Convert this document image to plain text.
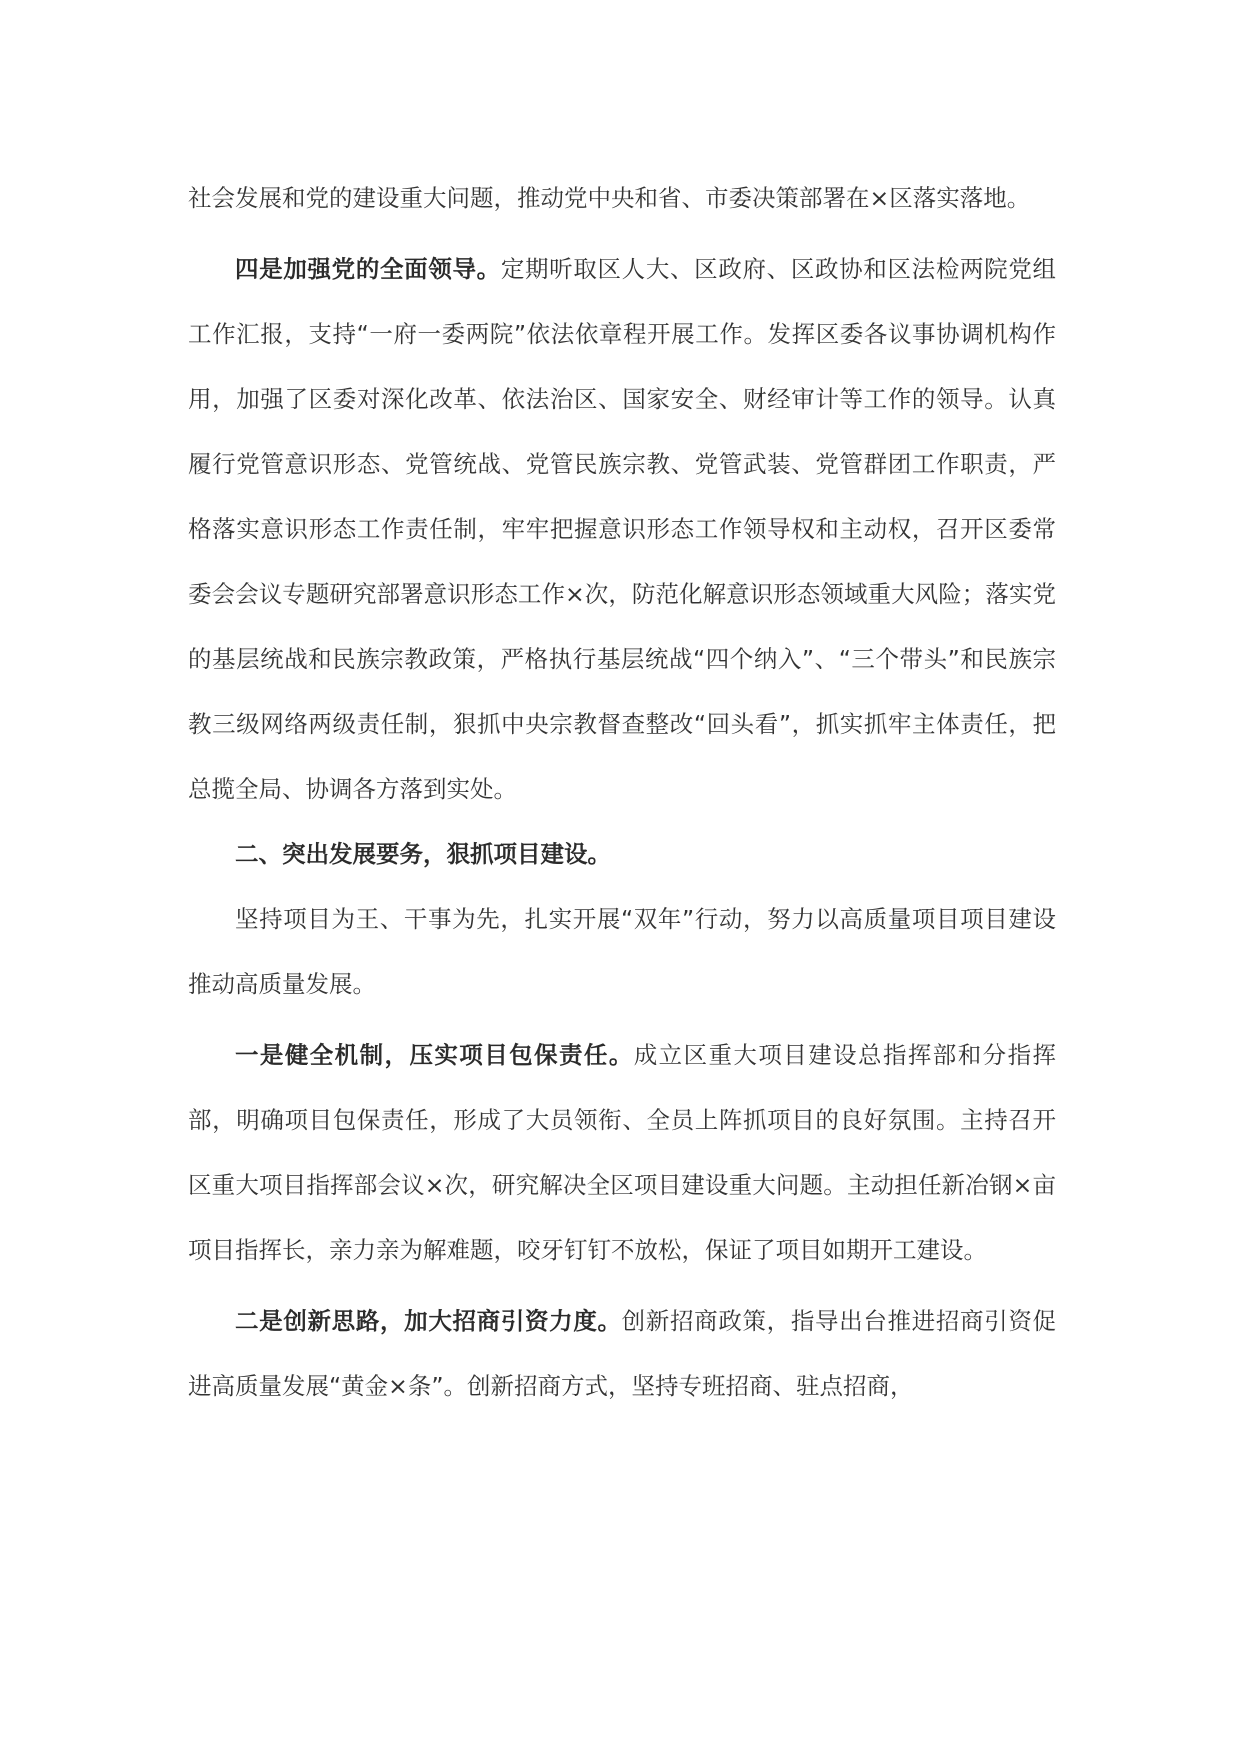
社会发展和党的建设重大问题，推动党中央和省、市委决策部署在×区落实落地。

四是加强党的全面领导。定期听取区人大、区政府、区政协和区法检两院党组工作汇报，支持“一府一委两院”依法依章程开展工作。发挥区委各议事协调机构作用，加强了区委对深化改革、依法治区、国家安全、财经审计等工作的领导。认真履行党管意识形态、党管统战、党管民族宗教、党管武装、党管群团工作职责，严格落实意识形态工作责任制，牢牢把握意识形态工作领导权和主动权，召开区委常委会会议专题研究部署意识形态工作×次，防范化解意识形态领域重大风险；落实党的基层统战和民族宗教政策，严格执行基层统战“四个纳入”、“三个带头”和民族宗教三级网络两级责任制，狠抓中央宗教督查整改“回头看”，抓实抓牢主体责任，把总揽全局、协调各方落到实处。

二、突出发展要务，狠抓项目建设。

坚持项目为王、干事为先，扎实开展“双年”行动，努力以高质量项目项目建设推动高质量发展。

一是健全机制，压实项目包保责任。成立区重大项目建设总指挥部和分指挥部，明确项目包保责任，形成了大员领衔、全员上阵抓项目的良好氛围。主持召开区重大项目指挥部会议×次，研究解决全区项目建设重大问题。主动担任新冶钢×亩项目指挥长，亲力亲为解难题，咬牙钉钉不放松，保证了项目如期开工建设。

二是创新思路，加大招商引资力度。创新招商政策，指导出台推进招商引资促进高质量发展“黄金×条”。创新招商方式，坚持专班招商、驻点招商，
